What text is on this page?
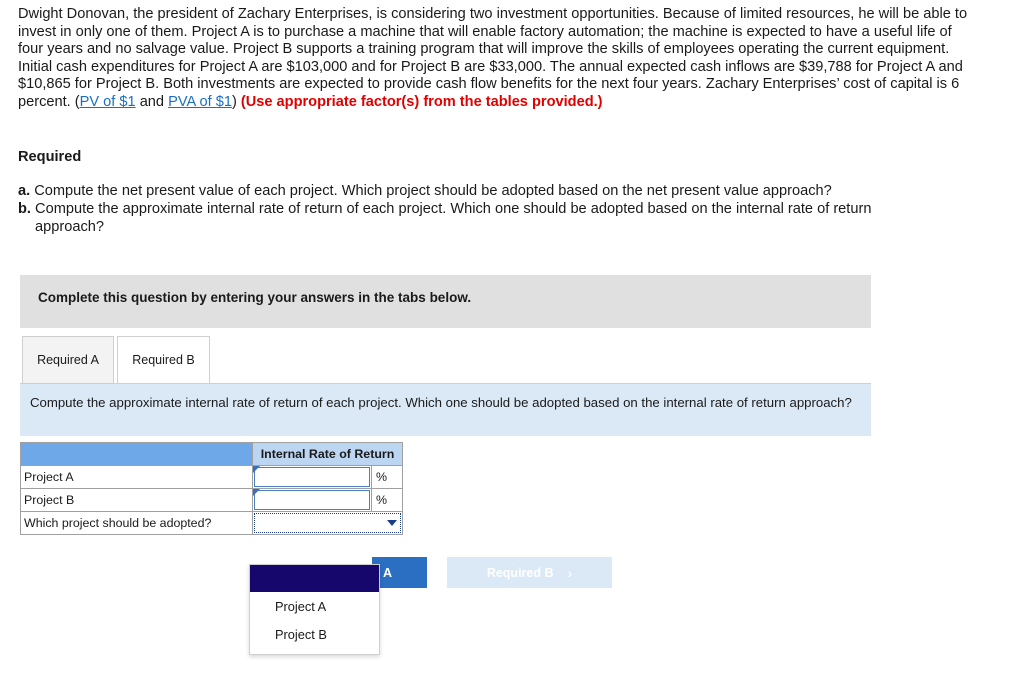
Dwight Donovan, the president of Zachary Enterprises, is considering two investment opportunities. Because of limited resources, he will be able to invest in only one of them. Project A is to purchase a machine that will enable factory automation; the machine is expected to have a useful life of four years and no salvage value. Project B supports a training program that will improve the skills of employees operating the current equipment. Initial cash expenditures for Project A are $103,000 and for Project B are $33,000. The annual expected cash inflows are $39,788 for Project A and $10,865 for Project B. Both investments are expected to provide cash flow benefits for the next four years. Zachary Enterprises’ cost of capital is 6 percent. (PV of $1 and PVA of $1) (Use appropriate factor(s) from the tables provided.)
Required
a. Compute the net present value of each project. Which project should be adopted based on the net present value approach?
b. Compute the approximate internal rate of return of each project. Which one should be adopted based on the internal rate of return
approach?
Complete this question by entering your answers in the tabs below.
Required A	Required B
Compute the approximate internal rate of return of each project. Which one should be adopted based on the internal rate of return approach?
	Internal Rate of Return	
Project A		%
Project B		%
Which project should be adopted?		
A	Required B ›
Project A
Project B
